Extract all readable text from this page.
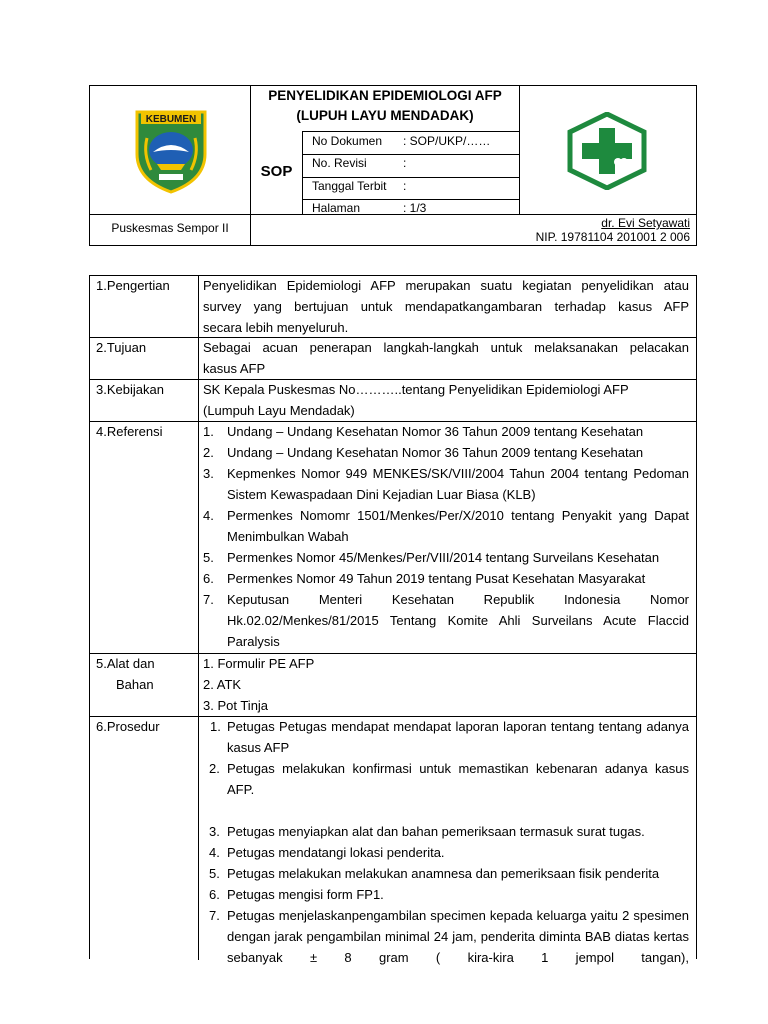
KEBUMEN
PENYELIDIKAN EPIDEMIOLOGI AFP
(LUPUH LAYU MENDADAK)
SOP
No Dokumen : SOP/UKP/……
No. Revisi	:
Tanggal Terbit :
Halaman	: 1/3
Puskesmas Sempor II	dr. Evi Setyawati
NIP. 19781104 201001 2 006
1.Pengertian	Penyelidikan Epidemiologi AFP merupakan suatu kegiatan penyelidikan atau
survey yang bertujuan untuk mendapatkangambaran terhadap kasus AFP
secara lebih menyeluruh.
2.Tujuan	Sebagai acuan penerapan langkah-langkah untuk melaksanakan pelacakan
kasus AFP
3.Kebijakan	SK Kepala Puskesmas No………..tentang Penyelidikan Epidemiologi AFP
(Lumpuh Layu Mendadak)
4.Referensi	1. Undang – Undang Kesehatan Nomor 36 Tahun 2009 tentang Kesehatan
2. Undang – Undang Kesehatan Nomor 36 Tahun 2009 tentang Kesehatan
3. Kepmenkes Nomor 949 MENKES/SK/VIII/2004 Tahun 2004 tentang Pedoman Sistem Kewaspadaan Dini Kejadian Luar Biasa (KLB)
4. Permenkes Nomomr 1501/Menkes/Per/X/2010 tentang Penyakit yang Dapat Menimbulkan Wabah
5. Permenkes Nomor 45/Menkes/Per/VIII/2014 tentang Surveilans Kesehatan
6. Permenkes Nomor 49 Tahun 2019 tentang Pusat Kesehatan Masyarakat
7. Keputusan Menteri Kesehatan Republik Indonesia Nomor Hk.02.02/Menkes/81/2015 Tentang Komite Ahli Surveilans Acute Flaccid Paralysis
5.Alat dan
Bahan
1. Formulir PE AFP
2. ATK
3. Pot Tinja
6.Prosedur	1. Petugas Petugas mendapat mendapat laporan laporan tentang tentang adanya kasus AFP
2. Petugas melakukan konfirmasi untuk memastikan kebenaran adanya kasus AFP.
3. Petugas menyiapkan alat dan bahan pemeriksaan termasuk surat tugas.
4. Petugas mendatangi lokasi penderita.
5. Petugas melakukan melakukan anamnesa dan pemeriksaan fisik penderita
6. Petugas mengisi form FP1.
7. Petugas menjelaskanpengambilan specimen kepada keluarga yaitu 2 spesimen dengan jarak pengambilan minimal 24 jam, penderita diminta BAB diatas kertas sebanyak ± 8 gram ( kira-kira 1 jempol tangan),
